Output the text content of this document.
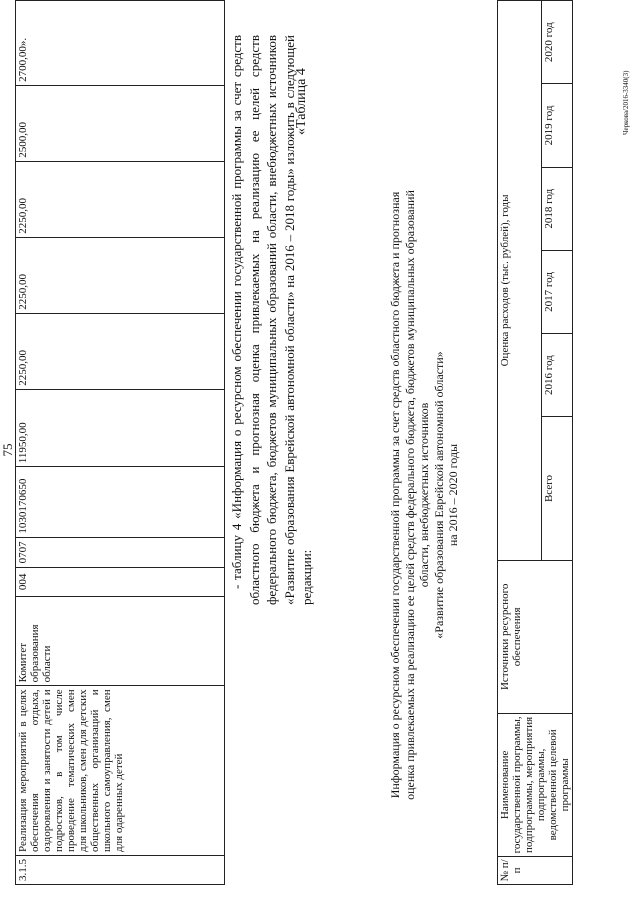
3.1.5	Реализация мероприятий в целях обеспечения отдыха, оздоровления и занятости детей и подростков, в том числе проведение тематических смен для школьников, смен для детских общественных организаций и школьного самоуправления, смен для одаренных детей	Комитет образования области	004	0707	1030170650	11950,00	2250,00	2250,00	2250,00	2500,00	2700,00».
75	- таблицу 4 «Информация о ресурсном обеспечении государственной программы за счет средств областного бюджета и прогнозная оценка привлекаемых на реализацию ее целей средств федерального бюджета, бюджетов муниципальных образований области, внебюджетных источников «Развитие образования Еврейской автономной области» на 2016 – 2018 годы» изложить в следующей редакции:

«Таблица 4
Информация о ресурсном обеспечении государственной программы за счет средств областного бюджета и прогнозная оценка привлекаемых на реализацию ее целей средств федерального бюджета, бюджетов муниципальных образований области, внебюджетных источников «Развитие образования Еврейской автономной области» на 2016 – 2020 годы
№ п/п	Наименование государственной программы, подпрограммы, мероприятия подпрограммы, ведомственной целевой программы	Источники ресурсного обеспечения	Оценка расходов (тыс. рублей), годы					
			Всего	2016 год	2017 год	2018 год	2019 год	2020 год
Черкова/2016-3340(3)
